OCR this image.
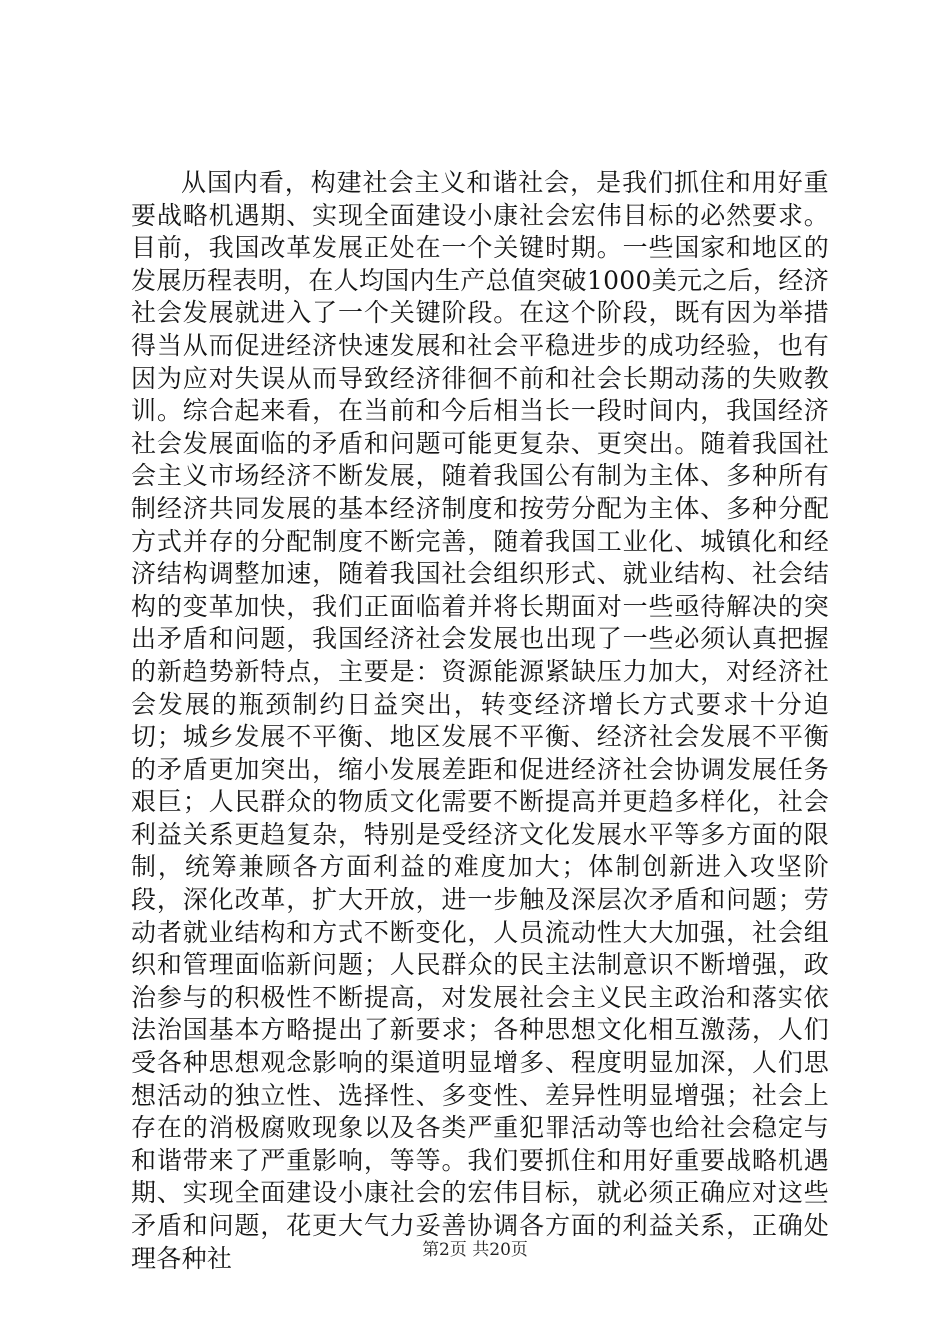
从国内看，构建社会主义和谐社会，是我们抓住和用好重要战略机遇期、实现全面建设小康社会宏伟目标的必然要求。目前，我国改革发展正处在一个关键时期。一些国家和地区的发展历程表明，在人均国内生产总值突破1000美元之后，经济社会发展就进入了一个关键阶段。在这个阶段，既有因为举措得当从而促进经济快速发展和社会平稳进步的成功经验，也有因为应对失误从而导致经济徘徊不前和社会长期动荡的失败教训。综合起来看，在当前和今后相当长一段时间内，我国经济社会发展面临的矛盾和问题可能更复杂、更突出。随着我国社会主义市场经济不断发展，随着我国公有制为主体、多种所有制经济共同发展的基本经济制度和按劳分配为主体、多种分配方式并存的分配制度不断完善，随着我国工业化、城镇化和经济结构调整加速，随着我国社会组织形式、就业结构、社会结构的变革加快，我们正面临着并将长期面对一些亟待解决的突出矛盾和问题，我国经济社会发展也出现了一些必须认真把握的新趋势新特点，主要是：资源能源紧缺压力加大，对经济社会发展的瓶颈制约日益突出，转变经济增长方式要求十分迫切；城乡发展不平衡、地区发展不平衡、经济社会发展不平衡的矛盾更加突出，缩小发展差距和促进经济社会协调发展任务艰巨；人民群众的物质文化需要不断提高并更趋多样化，社会利益关系更趋复杂，特别是受经济文化发展水平等多方面的限制，统筹兼顾各方面利益的难度加大；体制创新进入攻坚阶段，深化改革，扩大开放，进一步触及深层次矛盾和问题；劳动者就业结构和方式不断变化，人员流动性大大加强，社会组织和管理面临新问题；人民群众的民主法制意识不断增强，政治参与的积极性不断提高，对发展社会主义民主政治和落实依法治国基本方略提出了新要求；各种思想文化相互激荡，人们受各种思想观念影响的渠道明显增多、程度明显加深，人们思想活动的独立性、选择性、多变性、差异性明显增强；社会上存在的消极腐败现象以及各类严重犯罪活动等也给社会稳定与和谐带来了严重影响，等等。我们要抓住和用好重要战略机遇期、实现全面建设小康社会的宏伟目标，就必须正确应对这些矛盾和问题，花更大气力妥善协调各方面的利益关系，正确处理各种社	第2页 共20页
